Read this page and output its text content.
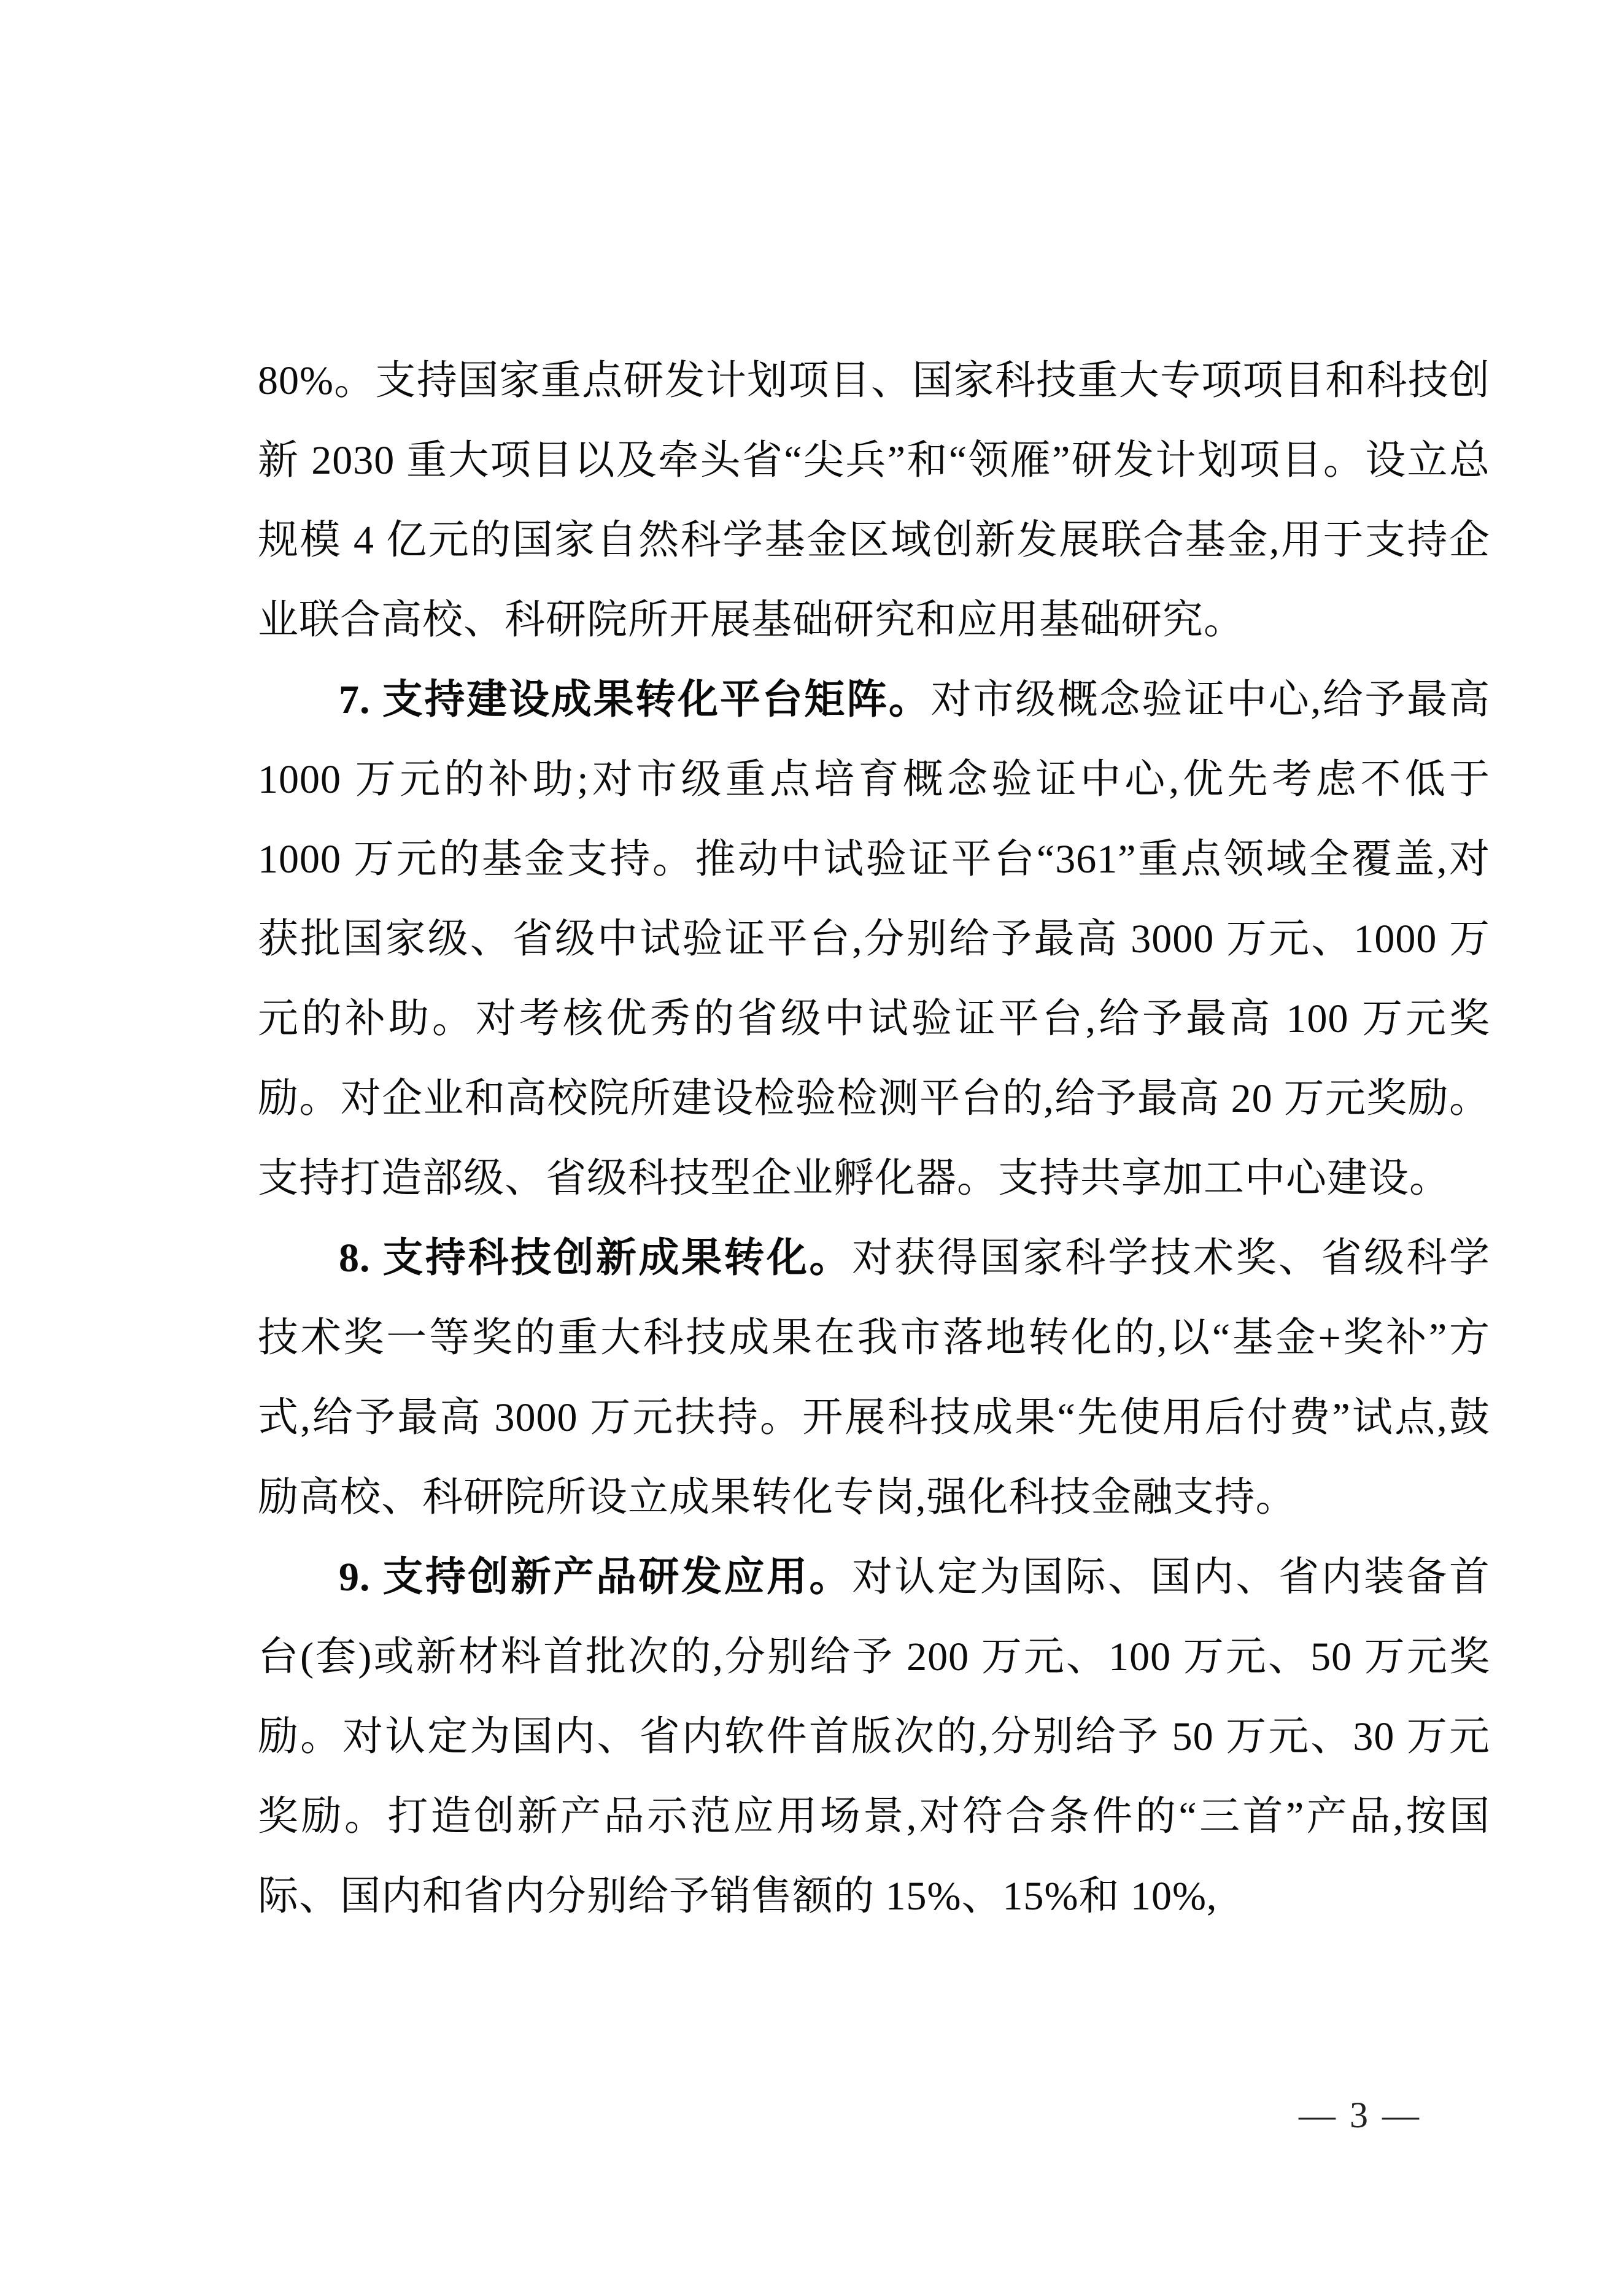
80%。支持国家重点研发计划项目、国家科技重大专项项目和科技创新 2030 重大项目以及牵头省“尖兵”和“领雁”研发计划项目。设立总规模 4 亿元的国家自然科学基金区域创新发展联合基金,用于支持企业联合高校、科研院所开展基础研究和应用基础研究。

7. 支持建设成果转化平台矩阵。对市级概念验证中心,给予最高 1000 万元的补助;对市级重点培育概念验证中心,优先考虑不低于 1000 万元的基金支持。推动中试验证平台“361”重点领域全覆盖,对获批国家级、省级中试验证平台,分别给予最高 3000 万元、1000 万元的补助。对考核优秀的省级中试验证平台,给予最高 100 万元奖励。对企业和高校院所建设检验检测平台的,给予最高 20 万元奖励。支持打造部级、省级科技型企业孵化器。支持共享加工中心建设。

8. 支持科技创新成果转化。对获得国家科学技术奖、省级科学技术奖一等奖的重大科技成果在我市落地转化的,以“基金+奖补”方式,给予最高 3000 万元扶持。开展科技成果“先使用后付费”试点,鼓励高校、科研院所设立成果转化专岗,强化科技金融支持。

9. 支持创新产品研发应用。对认定为国际、国内、省内装备首台(套)或新材料首批次的,分别给予 200 万元、100 万元、50 万元奖励。对认定为国内、省内软件首版次的,分别给予 50 万元、30 万元奖励。打造创新产品示范应用场景,对符合条件的“三首”产品,按国际、国内和省内分别给予销售额的 15%、15%和 10%,

— 3 —
